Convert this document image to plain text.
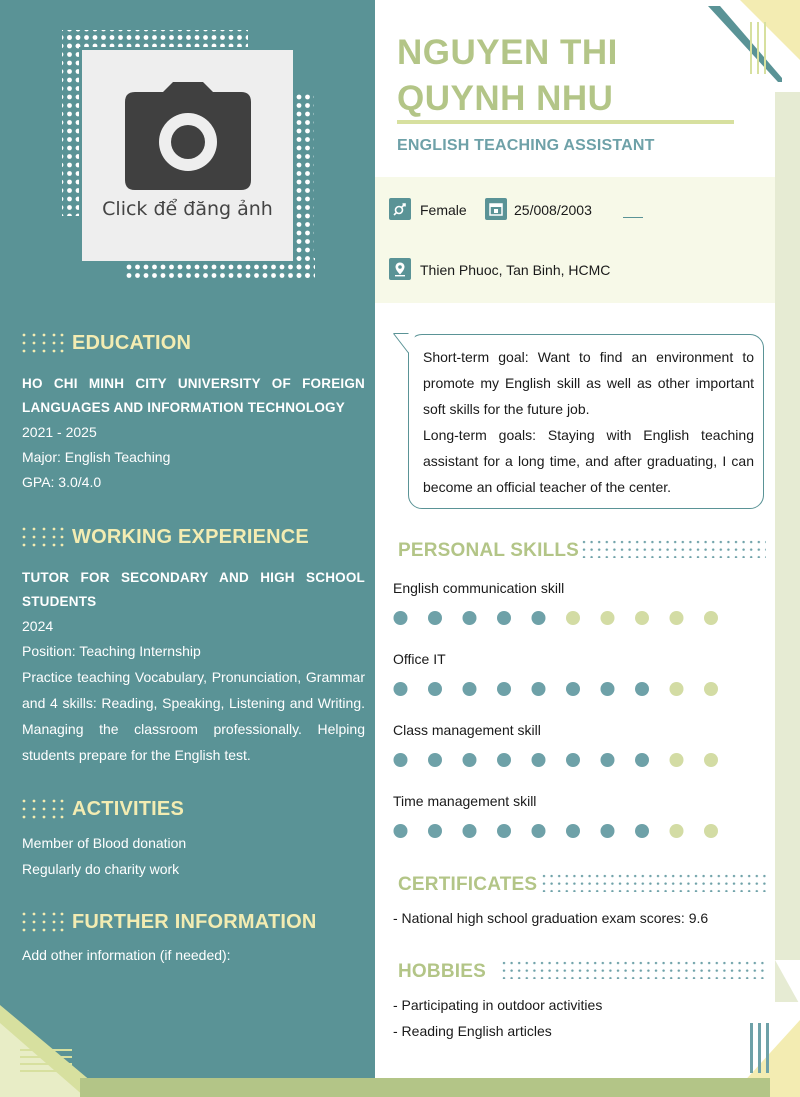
Click để đăng ảnh
EDUCATION
HO CHI MINH CITY UNIVERSITY OF FOREIGN LANGUAGES AND INFORMATION TECHNOLOGY
2021 - 2025
Major: English Teaching
GPA: 3.0/4.0
WORKING EXPERIENCE
TUTOR FOR SECONDARY AND HIGH SCHOOL STUDENTS
2024
Position: Teaching Internship
Practice teaching Vocabulary, Pronunciation, Grammar and 4 skills: Reading, Speaking, Listening and Writing. Managing the classroom professionally. Helping students prepare for the English test.
ACTIVITIES
Member of Blood donation
Regularly do charity work
FURTHER INFORMATION
Add other information (if needed):
NGUYEN THI
QUYNH NHU
ENGLISH TEACHING ASSISTANT
Female	25/008/2003
Thien Phuoc, Tan Binh, HCMC
Short-term goal: Want to find an environment to promote my English skill as well as other important soft skills for the future job.
Long-term goals: Staying with English teaching assistant for a long time, and after graduating, I can become an official teacher of the center.
PERSONAL SKILLS
English communication skill
Office IT
Class management skill
Time management skill
CERTIFICATES
- National high school graduation exam scores: 9.6
HOBBIES
- Participating in outdoor activities
- Reading English articles
